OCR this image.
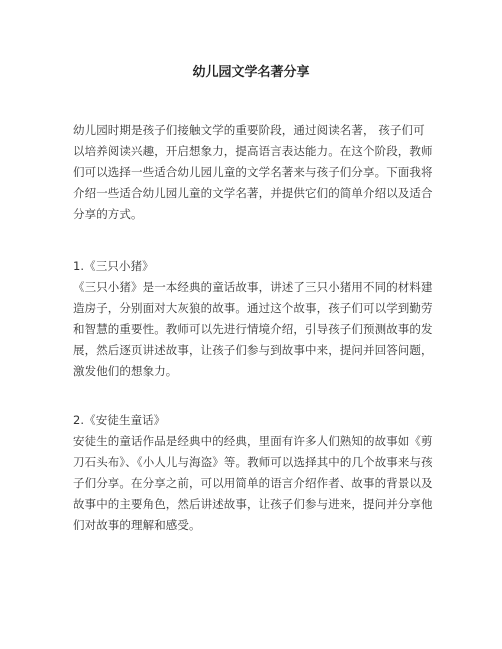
幼儿园文学名著分享
幼儿园时期是孩子们接触文学的重要阶段，通过阅读名著， 孩子们可以培养阅读兴趣，开启想象力，提高语言表达能力。在这个阶段，教师们可以选择一些适合幼儿园儿童的文学名著来与孩子们分享。下面我将介绍一些适合幼儿园儿童的文学名著，并提供它们的简单介绍以及适合分享的方式。
1.《三只小猪》
《三只小猪》是一本经典的童话故事，讲述了三只小猪用不同的材料建造房子，分别面对大灰狼的故事。通过这个故事，孩子们可以学到勤劳和智慧的重要性。教师可以先进行情境介绍，引导孩子们预测故事的发展，然后逐页讲述故事，让孩子们参与到故事中来，提问并回答问题，激发他们的想象力。
2.《安徒生童话》
安徒生的童话作品是经典中的经典，里面有许多人们熟知的故事如《剪刀石头布》、《小人儿与海盗》等。教师可以选择其中的几个故事来与孩子们分享。在分享之前，可以用简单的语言介绍作者、故事的背景以及故事中的主要角色，然后讲述故事，让孩子们参与进来，提问并分享他们对故事的理解和感受。
